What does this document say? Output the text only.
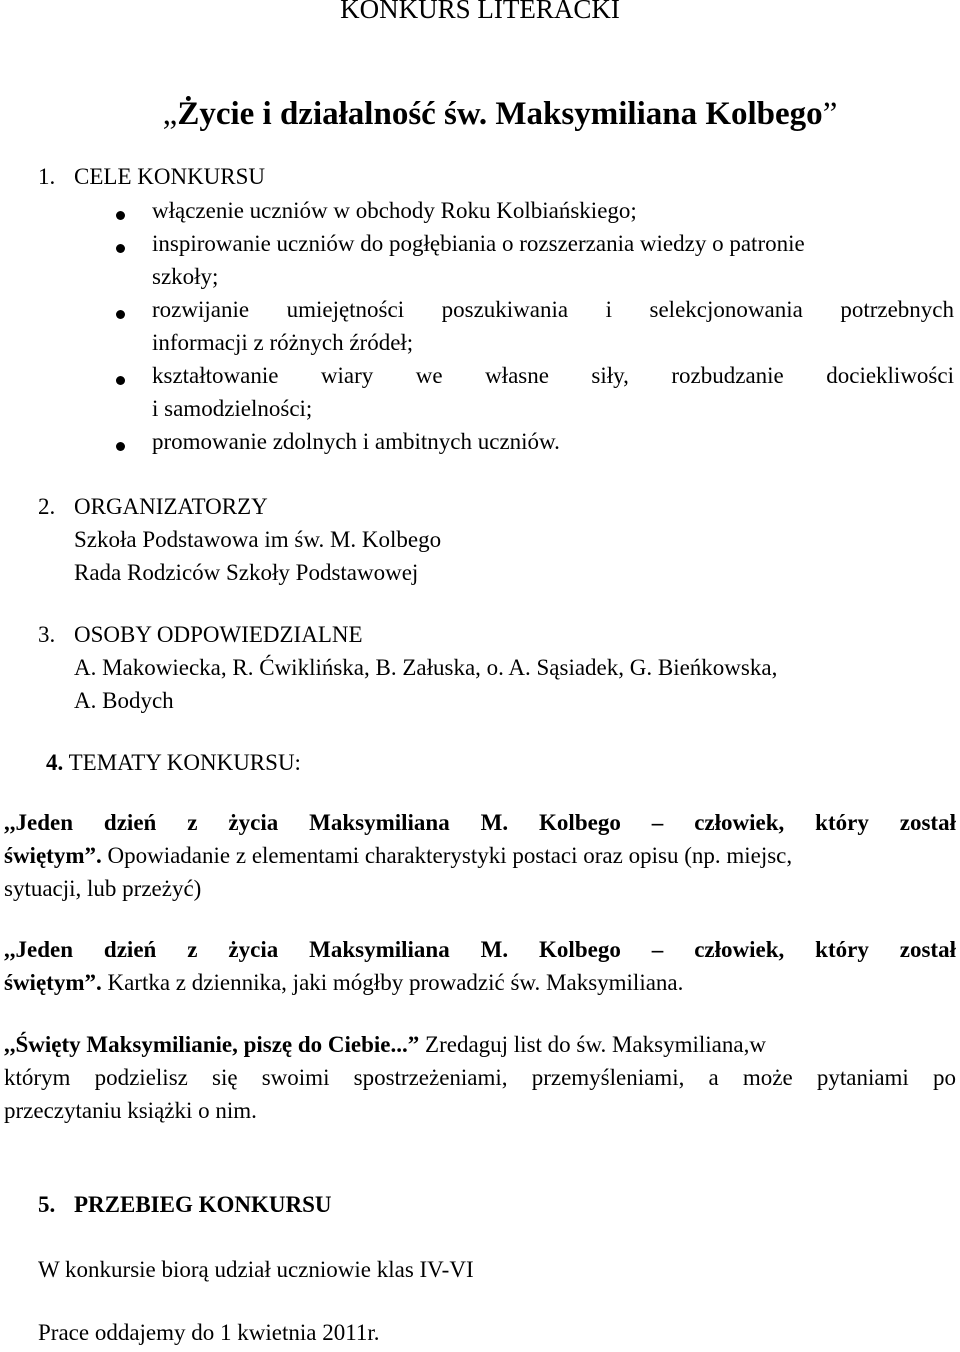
KONKURS LITERACKI
„Życie i działalność św. Maksymiliana Kolbego”
1. CELE KONKURSU
włączenie uczniów w obchody Roku Kolbiańskiego;
inspirowanie uczniów do pogłębiania o rozszerzania wiedzy o patronie
szkoły;
rozwijanie umiejętności poszukiwania i selekcjonowania potrzebnych
informacji z różnych źródeł;
kształtowanie wiary we własne siły, rozbudzanie dociekliwości
i samodzielności;
promowanie zdolnych i ambitnych uczniów.
2. ORGANIZATORZY
Szkoła Podstawowa im św. M. Kolbego
Rada Rodziców Szkoły Podstawowej
3. OSOBY ODPOWIEDZIALNE
A. Makowiecka, R. Ćwiklińska, B. Załuska, o. A. Sąsiadek, G. Bieńkowska,
A. Bodych
4. TEMATY KONKURSU:
,,Jeden dzień z życia Maksymiliana M. Kolbego – człowiek, który został
świętym”. Opowiadanie z elementami charakterystyki postaci oraz opisu (np. miejsc,
sytuacji, lub przeżyć)
,,Jeden dzień z życia Maksymiliana M. Kolbego – człowiek, który został
świętym”. Kartka z dziennika, jaki mógłby prowadzić św. Maksymiliana.
,,Święty Maksymilianie, piszę do Ciebie...” Zredaguj list do św. Maksymiliana,w
którym podzielisz się swoimi spostrzeżeniami, przemyśleniami, a może pytaniami po
przeczytaniu książki o nim.
5. PRZEBIEG KONKURSU
W konkursie biorą udział uczniowie klas IV-VI
Prace oddajemy do 1 kwietnia 2011r.
